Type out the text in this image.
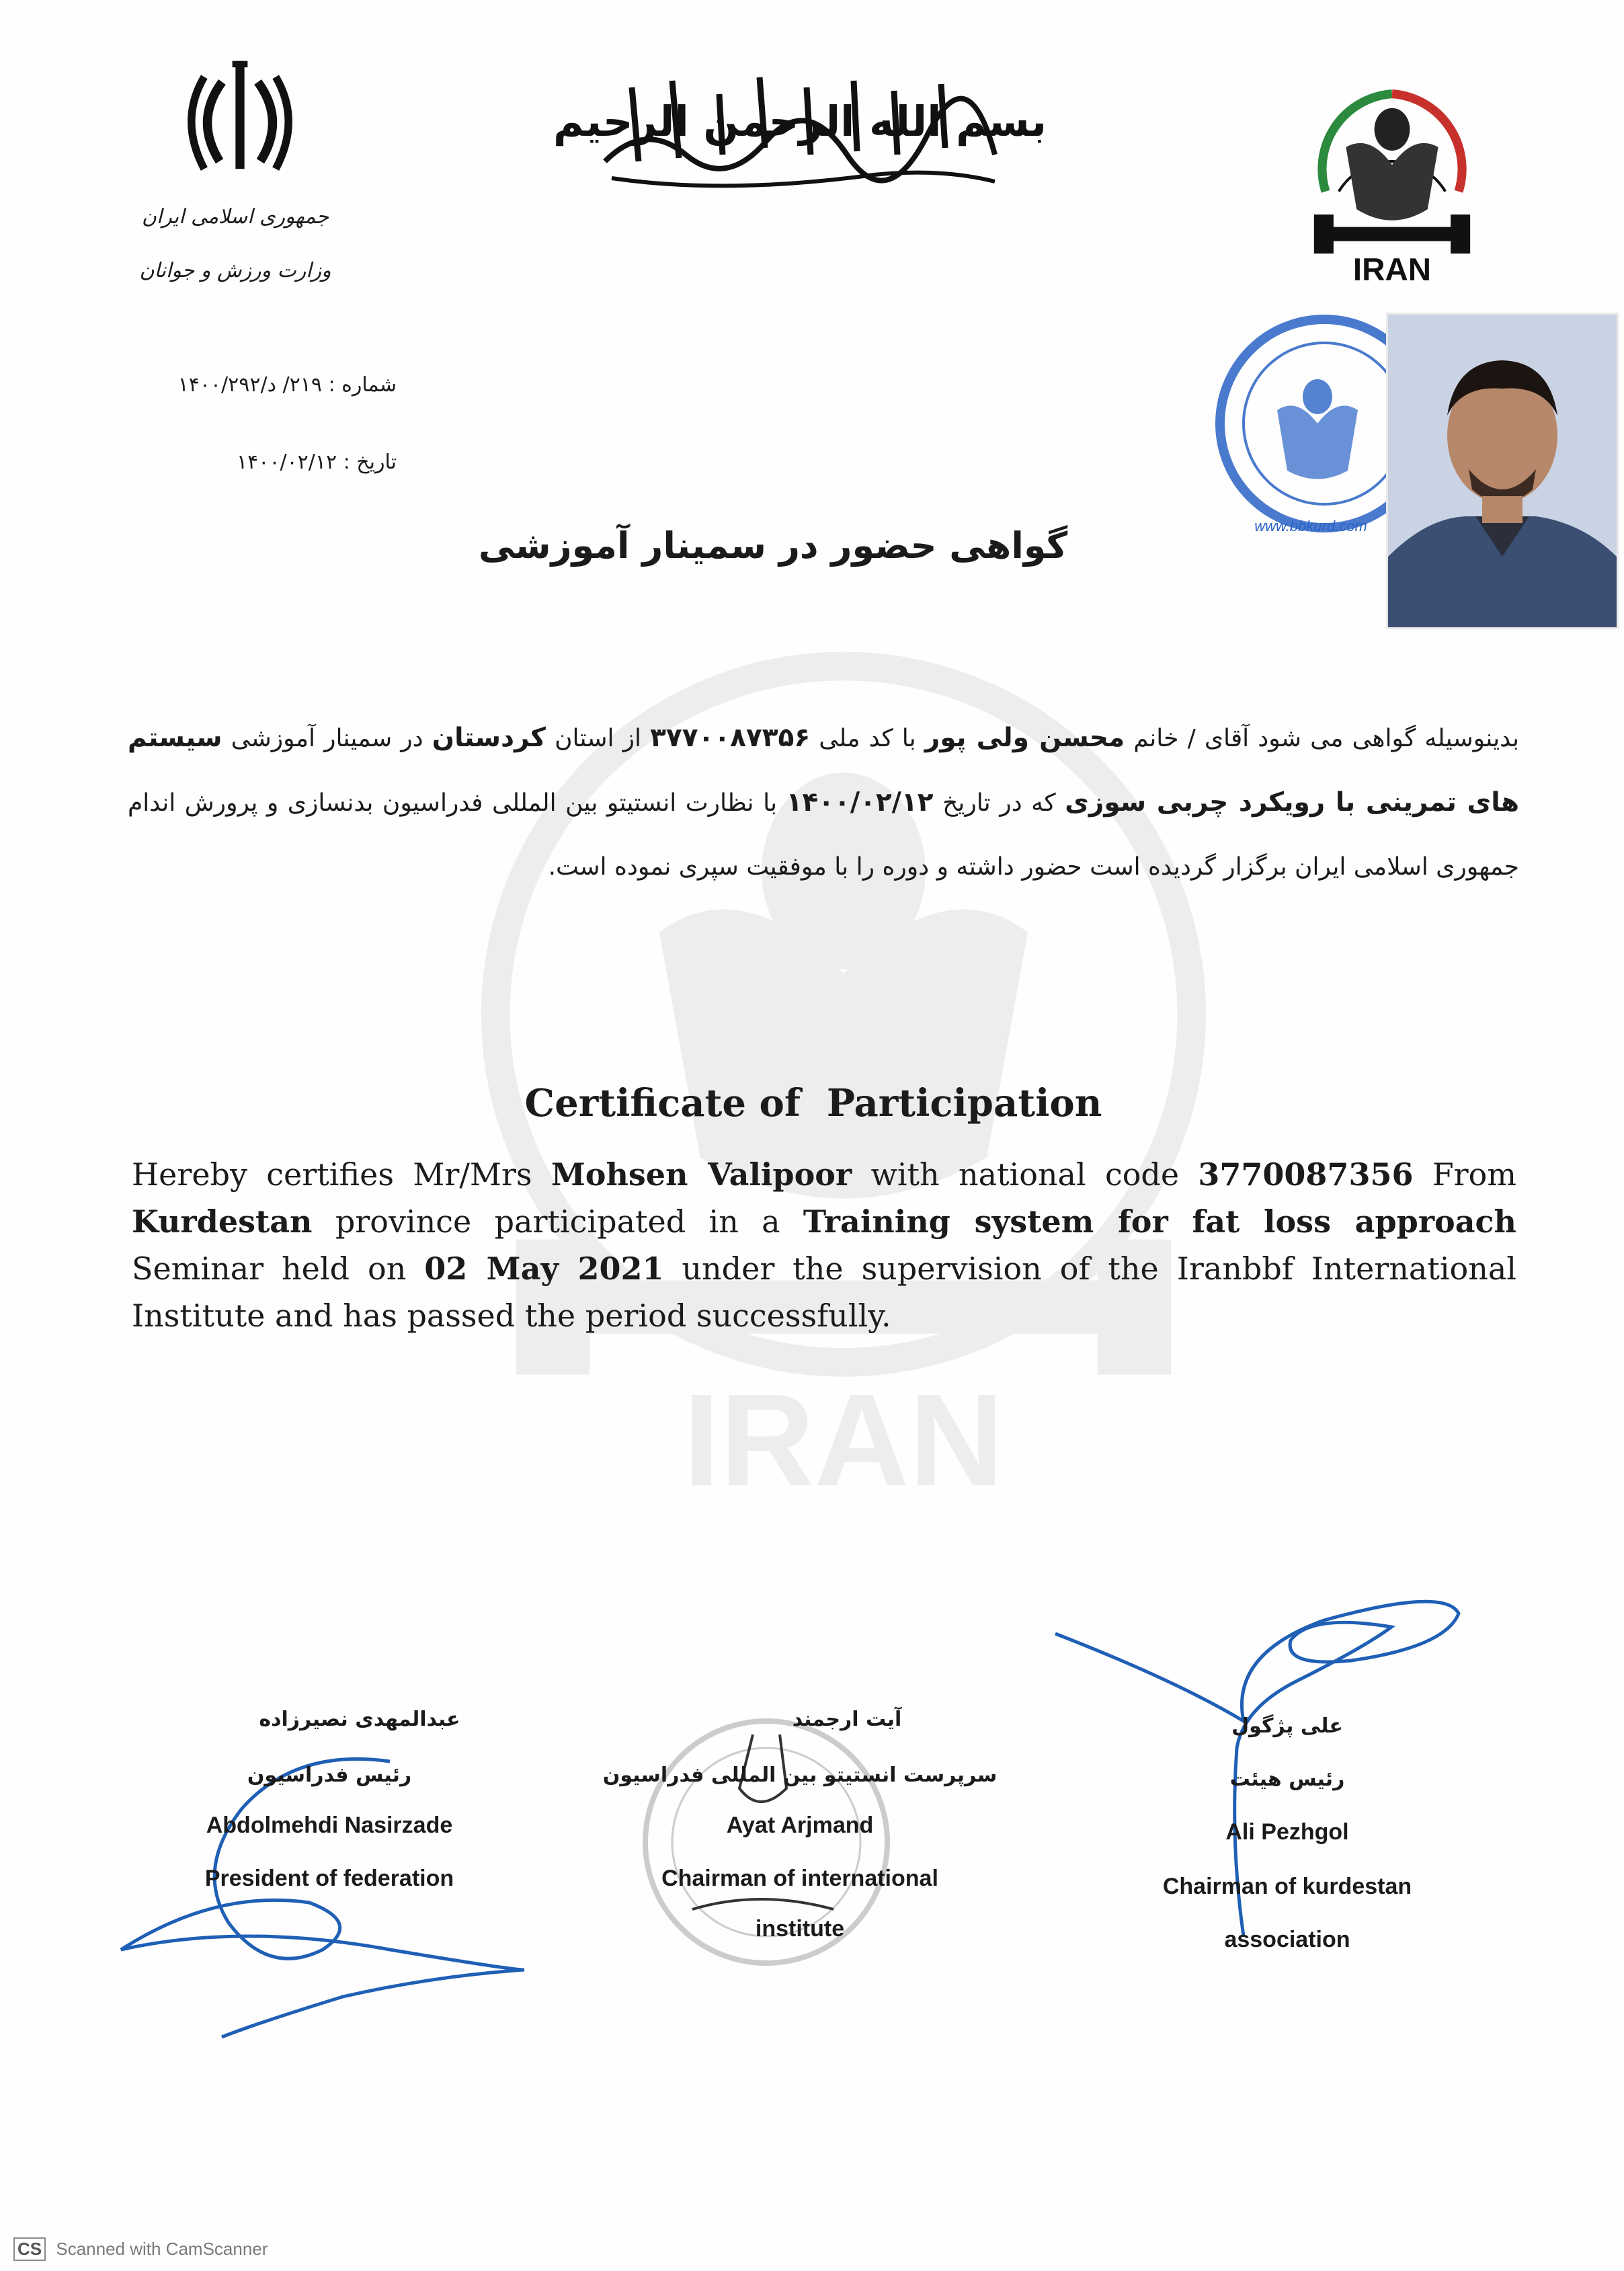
IRAN
جمهوری اسلامی ایران
وزارت ورزش و جوانان
بسم الله الرحمن الرحیم
IRAN
www.bbkurd.com
شماره : ۲۱۹/ د/۱۴۰۰/۲۹۲
تاریخ : ۱۴۰۰/۰۲/۱۲
گواهی حضور در سمینار آموزشی
بدینوسیله گواهی می شود آقای / خانم محسن ولی پور با کد ملی ۳۷۷۰۰۸۷۳۵۶ از استان کردستان در سمینار آموزشی سیستم های تمرینی با رویکرد چربی سوزی که در تاریخ ۱۴۰۰/۰۲/۱۲ با نظارت انستیتو بین المللی فدراسیون بدنسازی و پرورش اندام جمهوری اسلامی ایران برگزار گردیده است حضور داشته و دوره را با موفقیت سپری نموده است.
Certificate of  Participation
Hereby certifies Mr/Mrs Mohsen Valipoor with national code 3770087356 From Kurdestan province participated in a Training system for fat loss approach Seminar held on 02 May 2021 under the supervision of the Iranbbf International Institute and has passed the period successfully.
عبدالمهدی نصیرزاده
رئیس فدراسیون
Abdolmehdi Nasirzade
President of federation
آیت ارجمند
سرپرست انستیتو بین المللی فدراسیون
Ayat Arjmand
Chairman of international
institute
علی پژگول
رئیس هیئت
Ali Pezhgol
Chairman of kurdestan
association
CS Scanned with CamScanner
